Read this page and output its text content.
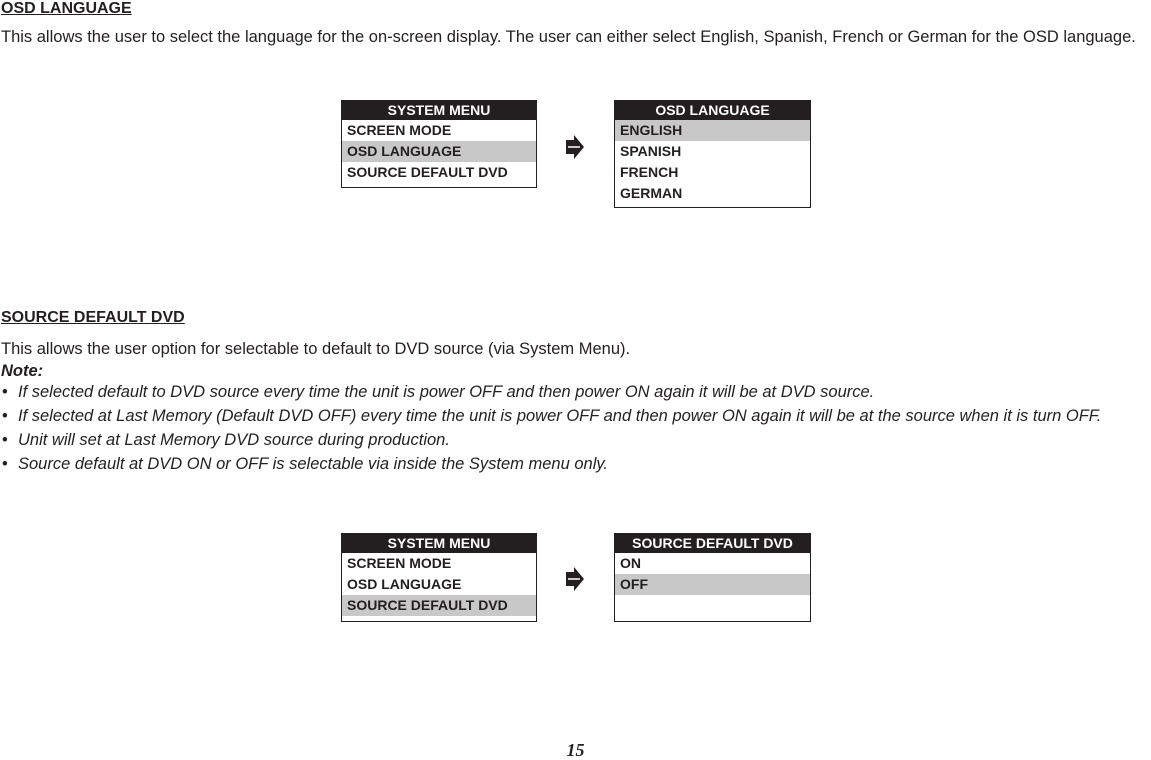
OSD LANGUAGE

This allows the user to select the language for the on-screen display. The user can either select English, Spanish, French or German for the OSD language.

SYSTEM MENU
SCREEN MODE
OSD LANGUAGE
SOURCE DEFAULT DVD
OSD LANGUAGE
ENGLISH
SPANISH
FRENCH
GERMAN
SOURCE DEFAULT DVD

This allows the user option for selectable to default to DVD source (via System Menu).

Note:

• If selected default to DVD source every time the unit is power OFF and then power ON again it will be at DVD source.
• If selected at Last Memory (Default DVD OFF) every time the unit is power OFF and then power ON again it will be at the source when it is turn OFF.
• Unit will set at Last Memory DVD source during production.
• Source default at DVD ON or OFF is selectable via inside the System menu only.
SYSTEM MENU
SCREEN MODE
OSD LANGUAGE
SOURCE DEFAULT DVD
SOURCE DEFAULT DVD
ON
OFF
15
